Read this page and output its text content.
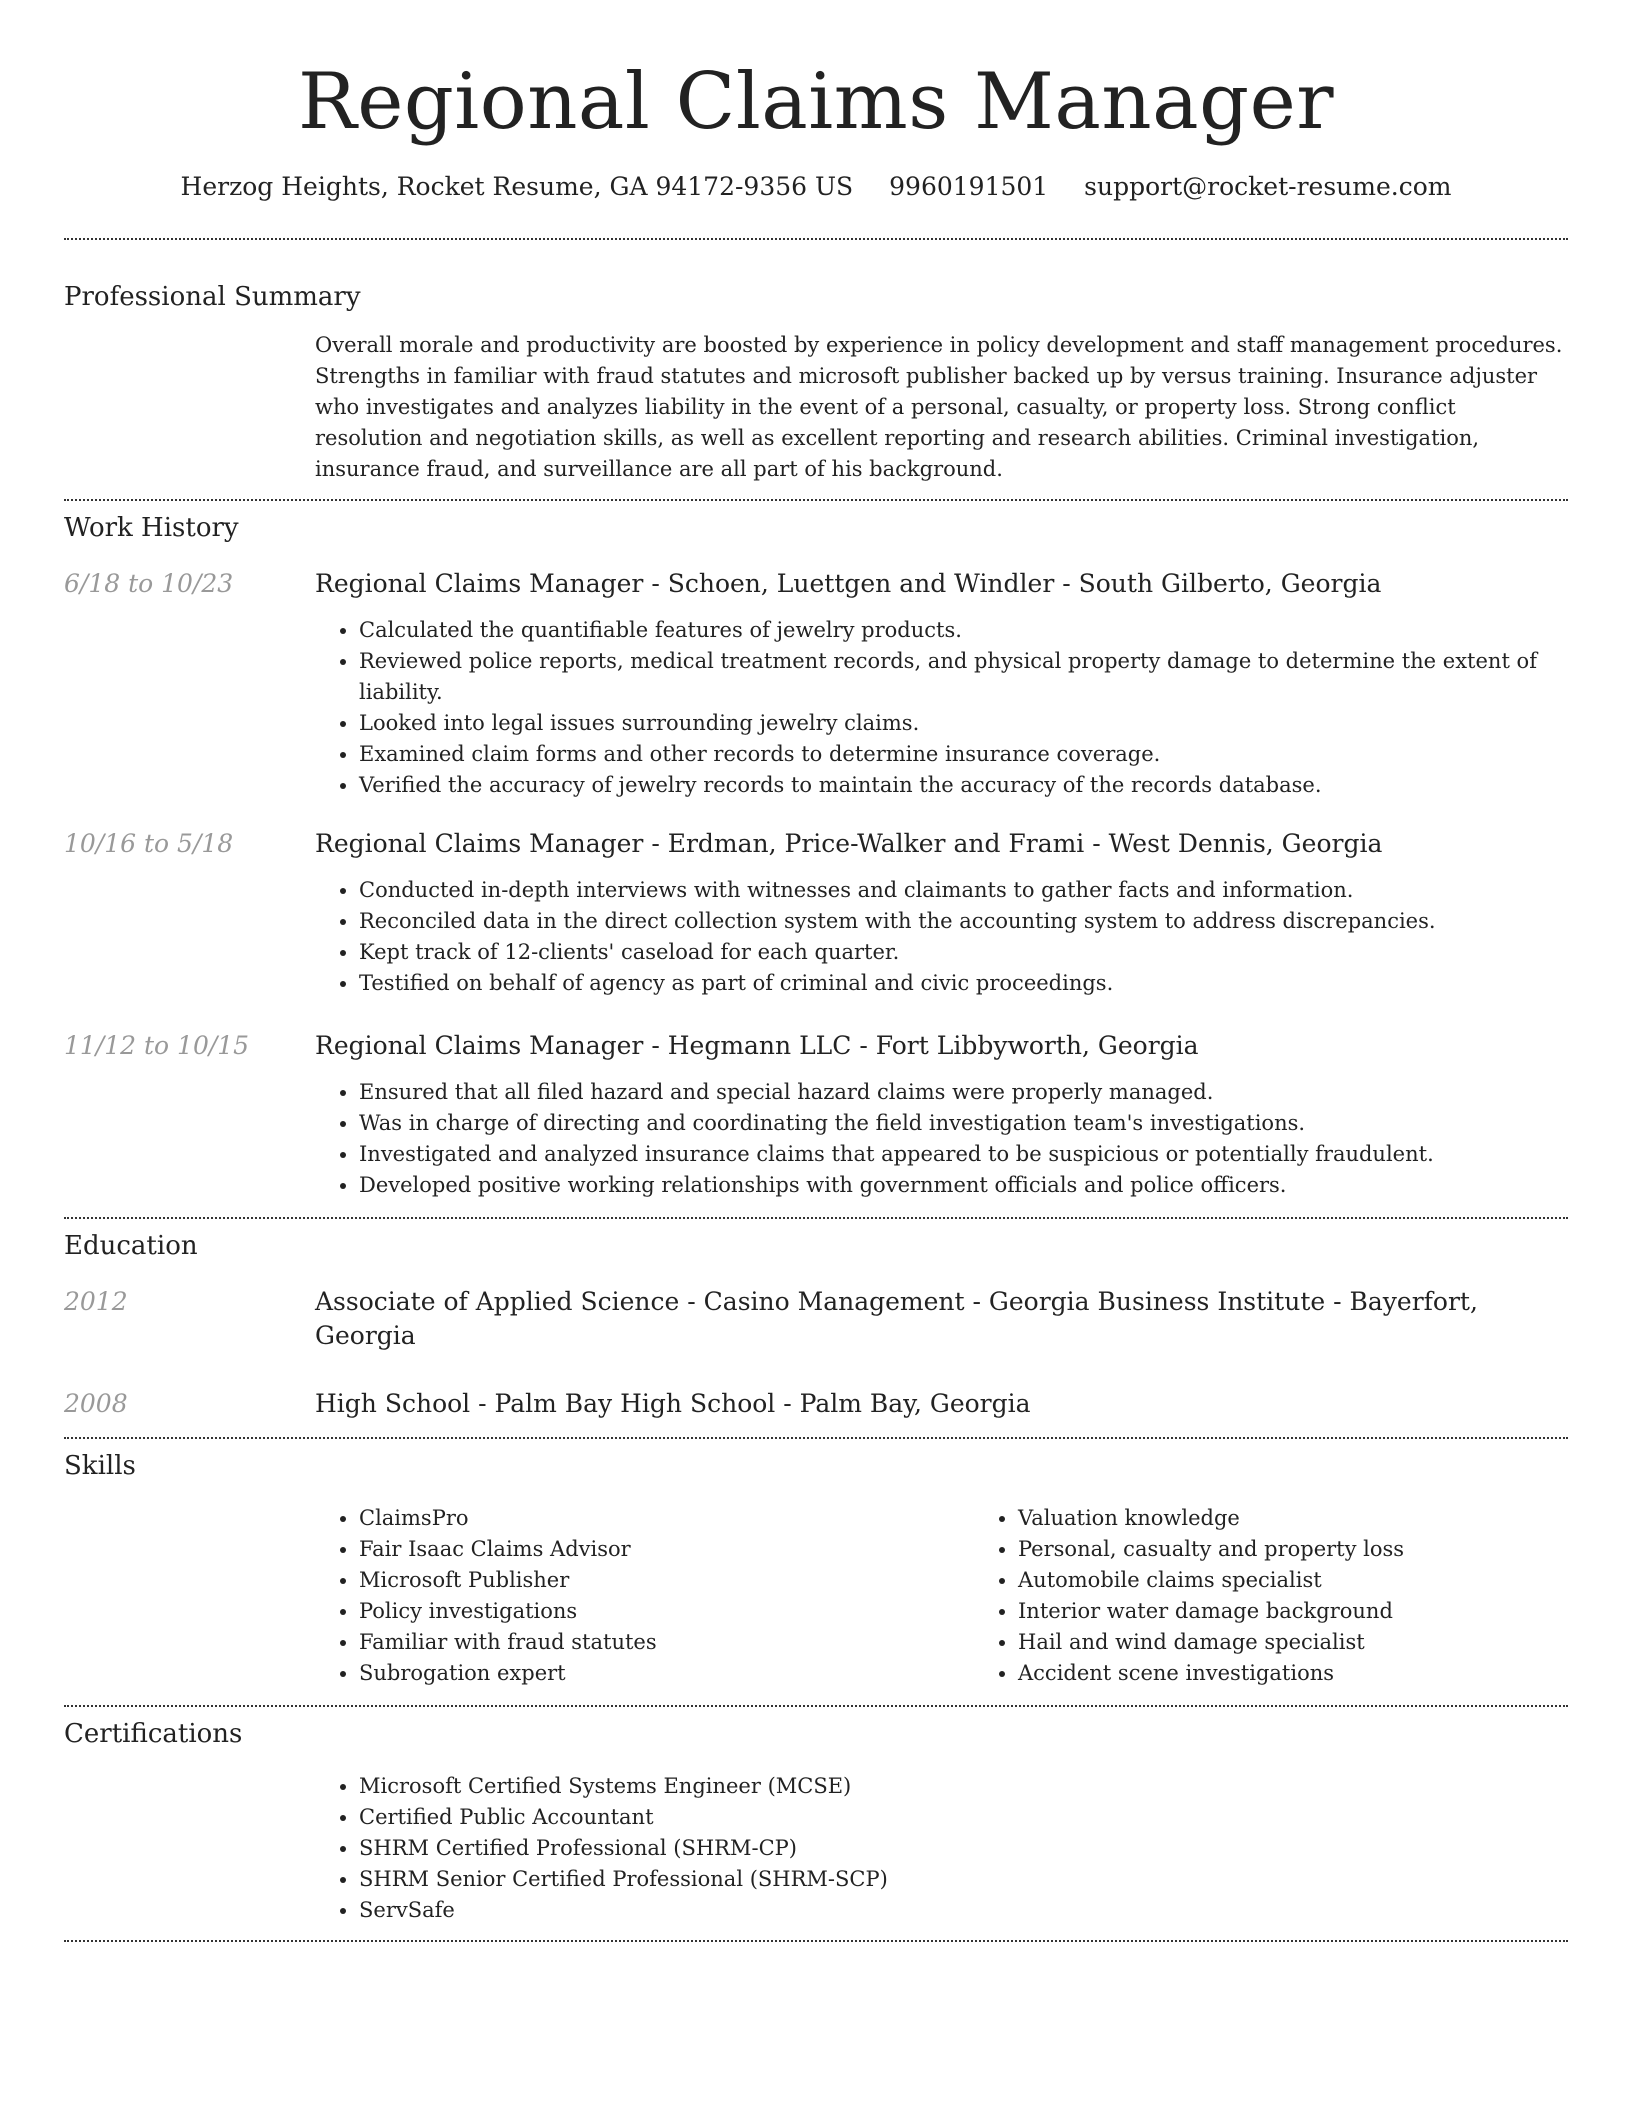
Regional Claims Manager
Herzog Heights, Rocket Resume, GA 94172-9356 US 9960191501 support@rocket-resume.com
Professional Summary
Overall morale and productivity are boosted by experience in policy development and staff management procedures. Strengths in familiar with fraud statutes and microsoft publisher backed up by versus training. Insurance adjuster who investigates and analyzes liability in the event of a personal, casualty, or property loss. Strong conflict resolution and negotiation skills, as well as excellent reporting and research abilities. Criminal investigation, insurance fraud, and surveillance are all part of his background.
Work History
6/18 to 10/23	Regional Claims Manager - Schoen, Luettgen and Windler - South Gilberto, Georgia
• Calculated the quantifiable features of jewelry products.
• Reviewed police reports, medical treatment records, and physical property damage to determine the extent of liability.
• Looked into legal issues surrounding jewelry claims.
• Examined claim forms and other records to determine insurance coverage.
• Verified the accuracy of jewelry records to maintain the accuracy of the records database.
10/16 to 5/18	Regional Claims Manager - Erdman, Price-Walker and Frami - West Dennis, Georgia
• Conducted in-depth interviews with witnesses and claimants to gather facts and information.
• Reconciled data in the direct collection system with the accounting system to address discrepancies.
• Kept track of 12-clients' caseload for each quarter.
• Testified on behalf of agency as part of criminal and civic proceedings.
11/12 to 10/15	Regional Claims Manager - Hegmann LLC - Fort Libbyworth, Georgia
• Ensured that all filed hazard and special hazard claims were properly managed.
• Was in charge of directing and coordinating the field investigation team's investigations.
• Investigated and analyzed insurance claims that appeared to be suspicious or potentially fraudulent.
• Developed positive working relationships with government officials and police officers.
Education
2012	Associate of Applied Science - Casino Management - Georgia Business Institute - Bayerfort, Georgia
2008	High School - Palm Bay High School - Palm Bay, Georgia
Skills
• ClaimsPro
• Fair Isaac Claims Advisor
• Microsoft Publisher
• Policy investigations
• Familiar with fraud statutes
• Subrogation expert
• Valuation knowledge
• Personal, casualty and property loss
• Automobile claims specialist
• Interior water damage background
• Hail and wind damage specialist
• Accident scene investigations
Certifications
• Microsoft Certified Systems Engineer (MCSE)
• Certified Public Accountant
• SHRM Certified Professional (SHRM-CP)
• SHRM Senior Certified Professional (SHRM-SCP)
• ServSafe
